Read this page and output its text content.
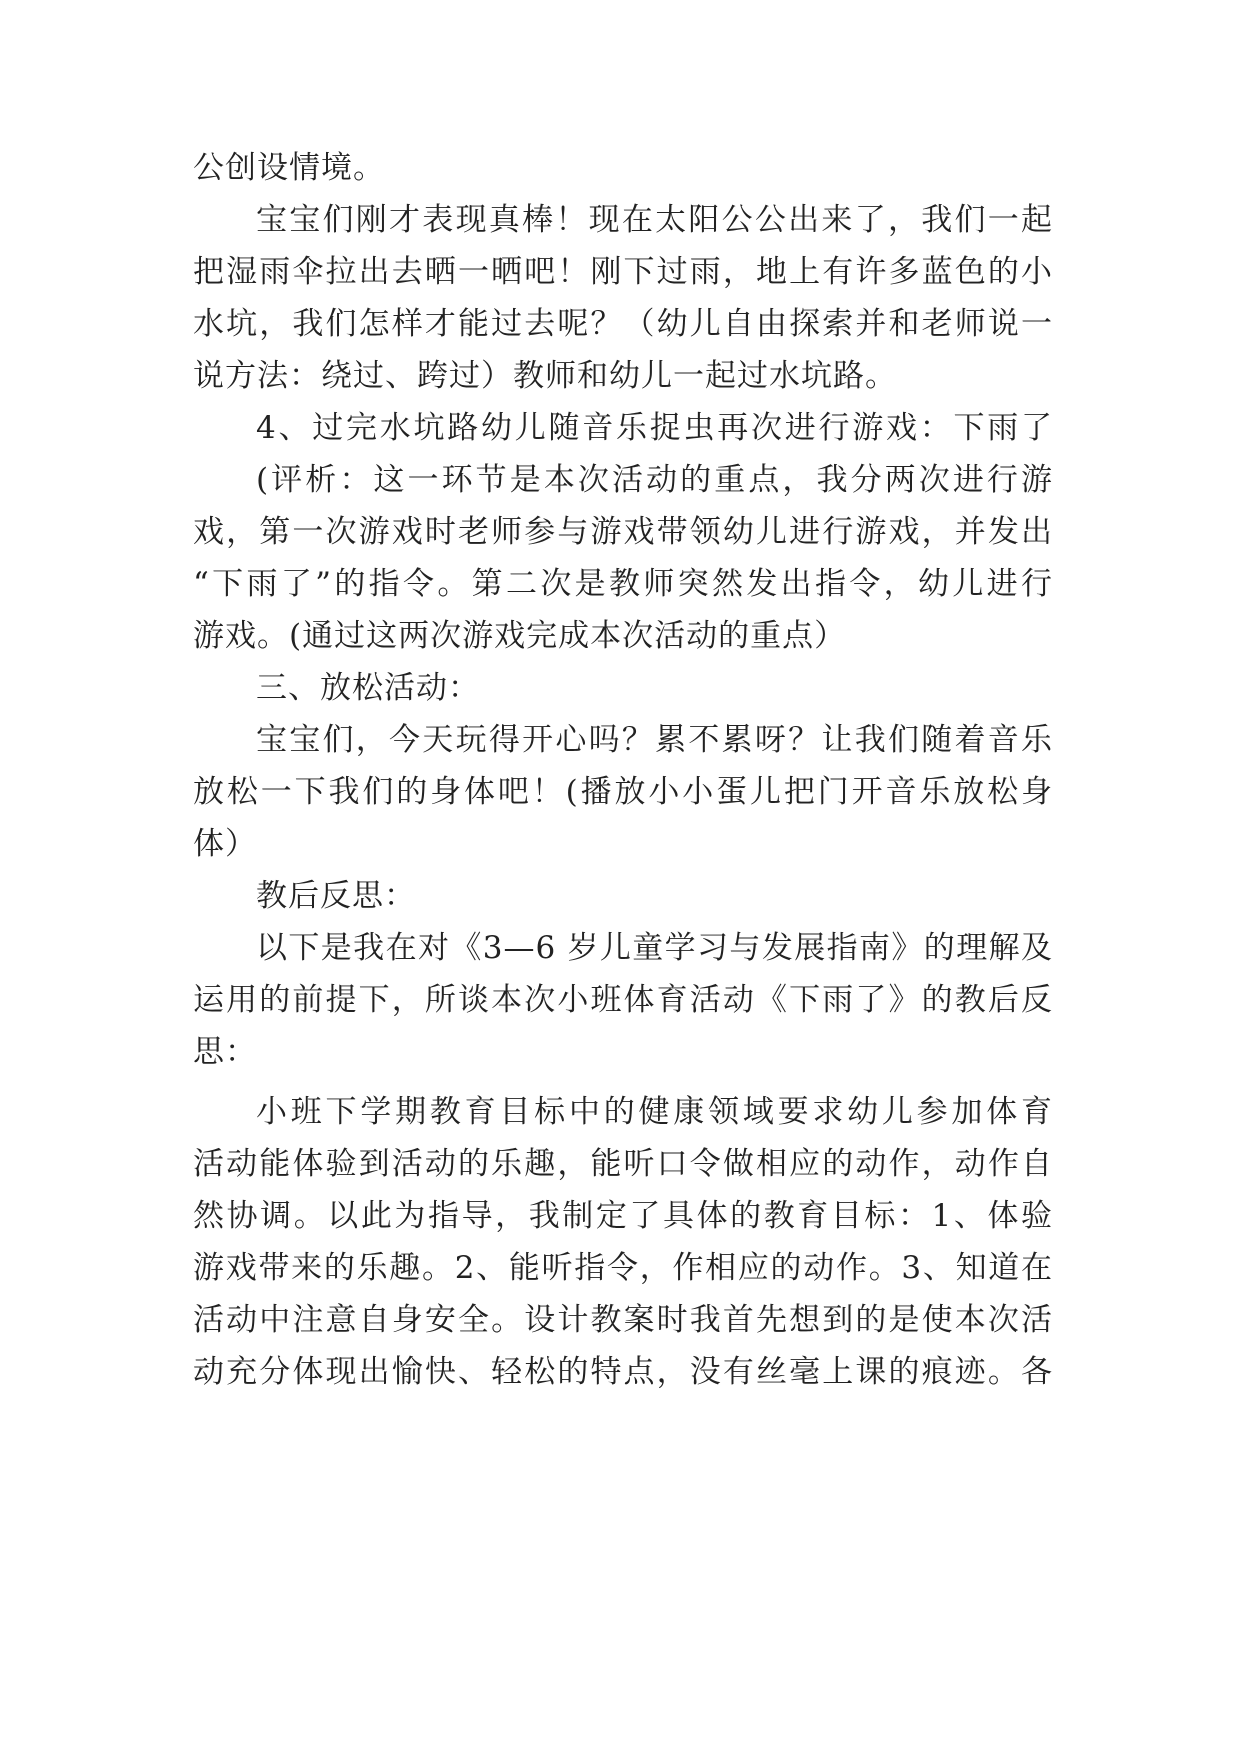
公创设情境。
宝宝们刚才表现真棒！现在太阳公公出来了，我们一起
把湿雨伞拉出去晒一晒吧！刚下过雨，地上有许多蓝色的小
水坑，我们怎样才能过去呢？（幼儿自由探索并和老师说一
说方法：绕过、跨过）教师和幼儿一起过水坑路。
4、过完水坑路幼儿随音乐捉虫再次进行游戏：下雨了
(评析：这一环节是本次活动的重点，我分两次进行游
戏，第一次游戏时老师参与游戏带领幼儿进行游戏，并发出
“下雨了”的指令。第二次是教师突然发出指令，幼儿进行
游戏。(通过这两次游戏完成本次活动的重点）
三、放松活动：
宝宝们，今天玩得开心吗？累不累呀？让我们随着音乐
放松一下我们的身体吧！(播放小小蛋儿把门开音乐放松身
体）
教后反思：
以下是我在对《3—6 岁儿童学习与发展指南》的理解及
运用的前提下，所谈本次小班体育活动《下雨了》的教后反
思：
小班下学期教育目标中的健康领域要求幼儿参加体育
活动能体验到活动的乐趣，能听口令做相应的动作，动作自
然协调。以此为指导，我制定了具体的教育目标：1、体验
游戏带来的乐趣。2、能听指令，作相应的动作。3、知道在
活动中注意自身安全。设计教案时我首先想到的是使本次活
动充分体现出愉快、轻松的特点，没有丝毫上课的痕迹。各
